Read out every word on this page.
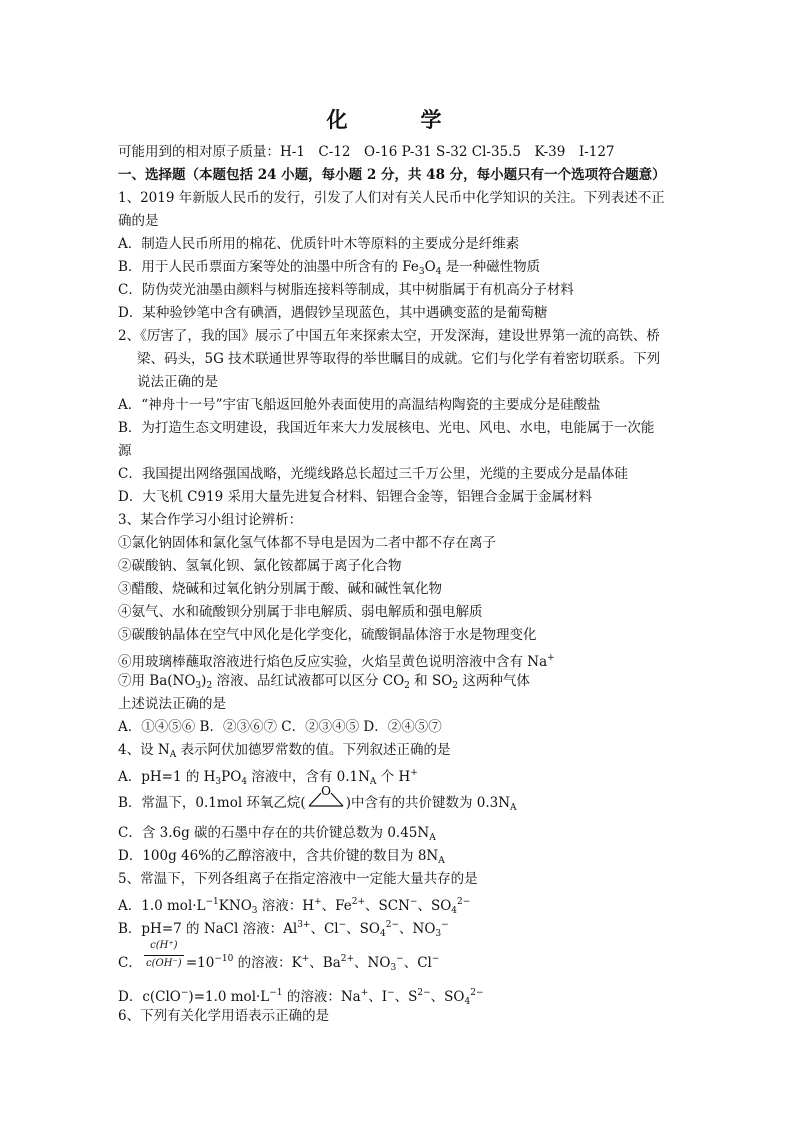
化　学
可能用到的相对原子质量：H-1　C-12　O-16 P-31 S-32 Cl-35.5　K-39　I-127
一、选择题（本题包括 24 小题，每小题 2 分，共 48 分，每小题只有一个选项符合题意）
1、2019 年新版人民币的发行，引发了人们对有关人民币中化学知识的关注。下列表述不正
确的是
A．制造人民币所用的棉花、优质针叶木等原料的主要成分是纤维素
B．用于人民币票面方案等处的油墨中所含有的 $Fe_3O_4$ 是一种磁性物质
C．防伪荧光油墨由颜料与树脂连接料等制成，其中树脂属于有机高分子材料
D．某种验钞笔中含有碘酒，遇假钞呈现蓝色，其中遇碘变蓝的是葡萄糖
2、《厉害了，我的国》展示了中国五年来探索太空，开发深海，建设世界第一流的高铁、桥
梁、码头，5G 技术联通世界等取得的举世瞩目的成就。它们与化学有着密切联系。下列
说法正确的是
A．“神舟十一号”宇宙飞船返回舱外表面使用的高温结构陶瓷的主要成分是硅酸盐
B．为打造生态文明建设，我国近年来大力发展核电、光电、风电、水电，电能属于一次能
源
C．我国提出网络强国战略，光缆线路总长超过三千万公里，光缆的主要成分是晶体硅
D．大飞机 C919 采用大量先进复合材料、铝锂合金等，铝锂合金属于金属材料
3、某合作学习小组讨论辨析：
①氯化钠固体和氯化氢气体都不导电是因为二者中都不存在离子
②碳酸钠、氢氧化钡、氯化铵都属于离子化合物
③醋酸、烧碱和过氧化钠分别属于酸、碱和碱性氧化物
④氨气、水和硫酸钡分别属于非电解质、弱电解质和强电解质
⑤碳酸钠晶体在空气中风化是化学变化，硫酸铜晶体溶于水是物理变化
⑥用玻璃棒蘸取溶液进行焰色反应实验，火焰呈黄色说明溶液中含有 Na+
⑦用 $Ba(NO_3)_2$ 溶液、品红试液都可以区分 $CO_2$ 和 $SO_2$ 这两种气体
上述说法正确的是
A．①④⑤⑥ B．②③⑥⑦ C．②③④⑤ D．②④⑤⑦
4、设 $N_A$ 表示阿伏加德罗常数的值。下列叙述正确的是
A．pH=1 的 $H_3PO_4$ 溶液中，含有 $0.1N_A$ 个 H+
B．常温下，0.1mol 环氧乙烷(
O
)中含有的共价键数为 $0.3N_A$
C．含 3.6g 碳的石墨中存在的共价键总数为 $0.45N_A$
D．100g 46%的乙醇溶液中，含共价键的数目为 $8N_A$
5、常温下，下列各组离子在指定溶液中一定能大量共存的是
A．1.0 $mol\cdot L^{-1}KNO_3$ 溶液：H+、$Fe^{2+}$、SCN−、$SO_4^{2-}$
B．pH=7 的 NaCl 溶液：$Al^{3+}$、Cl−、$SO_4^{2-}$、$NO_3^-$
C． $\frac{c(H^+)}{c(OH^-)} =10^{-10}$ 的溶液：K+、$Ba^{2+}$、$NO_3^-$、Cl−
D．c(ClO−)=1.0 $mol\cdot L^{-1}$ 的溶液：Na+、I−、$S^{2-}$、$SO_4^{2-}$
6、下列有关化学用语表示正确的是
